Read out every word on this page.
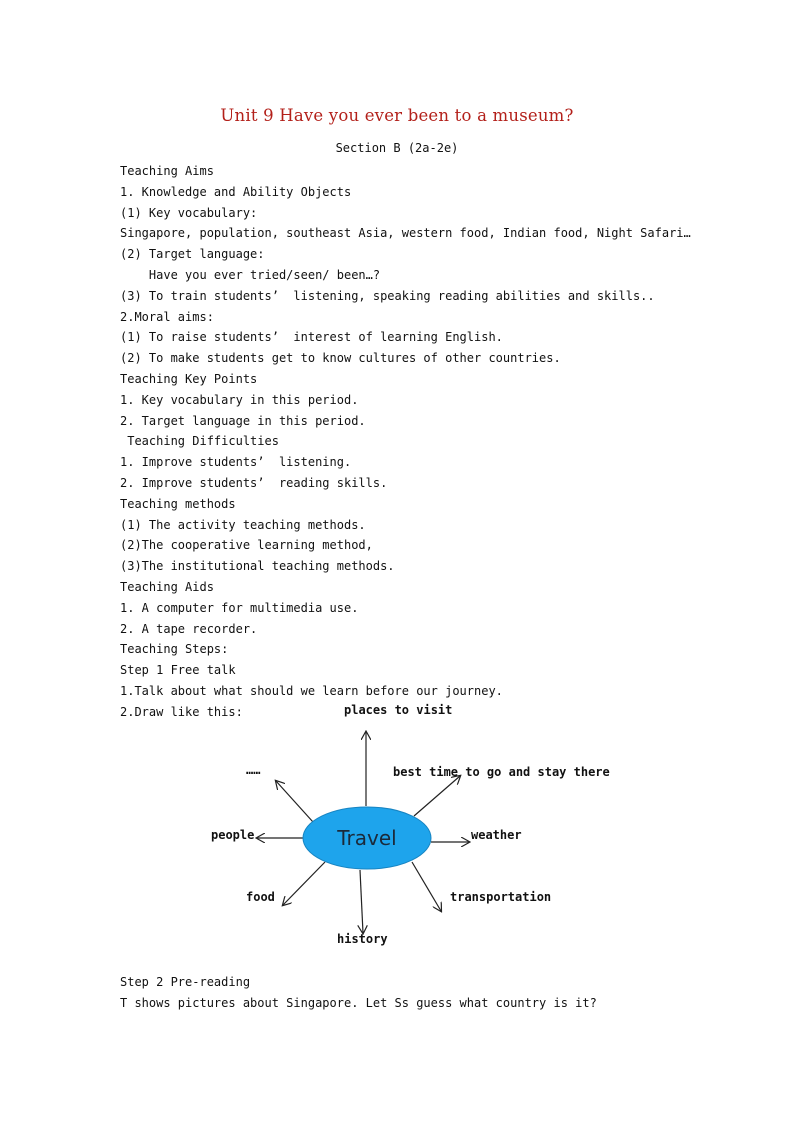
Unit 9 Have you ever been to a museum?
Section B (2a-2e)
Teaching Aims
1. Knowledge and Ability Objects
(1) Key vocabulary:
Singapore, population, southeast Asia, western food, Indian food, Night Safari…
(2) Target language:
Have you ever tried/seen/ been…?
(3) To train students’  listening, speaking reading abilities and skills..
2.Moral aims:
(1) To raise students’  interest of learning English.
(2) To make students get to know cultures of other countries.
Teaching Key Points
1. Key vocabulary in this period.
2. Target language in this period.
Teaching Difficulties
1. Improve students’  listening.
2. Improve students’  reading skills.
Teaching methods
(1) The activity teaching methods.
(2)The cooperative learning method,
(3)The institutional teaching methods.
Teaching Aids
1. A computer for multimedia use.
2. A tape recorder.
Teaching Steps:
Step 1 Free talk
1.Talk about what should we learn before our journey.
2.Draw like this:
Travel
places to visit
……	best time to go and stay there
people	weather
food	transportation
history
Step 2 Pre-reading
T shows pictures about Singapore. Let Ss guess what country is it?
